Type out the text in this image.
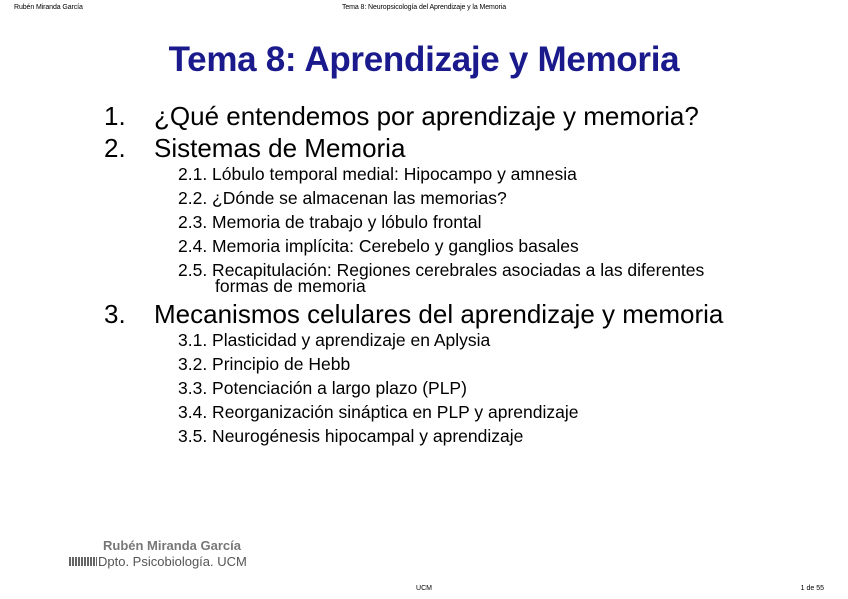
Rubén Miranda García	Tema 8: Neuropsicología del Aprendizaje y la Memoria
Tema 8: Aprendizaje y Memoria
1.	¿Qué entendemos por aprendizaje y memoria?
2.	Sistemas de Memoria
2.1. Lóbulo temporal medial: Hipocampo y amnesia
2.2. ¿Dónde se almacenan las memorias?
2.3. Memoria de trabajo y lóbulo frontal
2.4. Memoria implícita: Cerebelo y ganglios basales
2.5. Recapitulación: Regiones cerebrales asociadas a las diferentes formas de memoria
3.	Mecanismos celulares del aprendizaje y memoria
3.1. Plasticidad y aprendizaje en Aplysia
3.2. Principio de Hebb
3.3. Potenciación a largo plazo (PLP)
3.4. Reorganización sináptica en PLP y aprendizaje
3.5. Neurogénesis hipocampal y aprendizaje
Rubén Miranda García
Dpto. Psicobiología. UCM
UCM	1 de 55
